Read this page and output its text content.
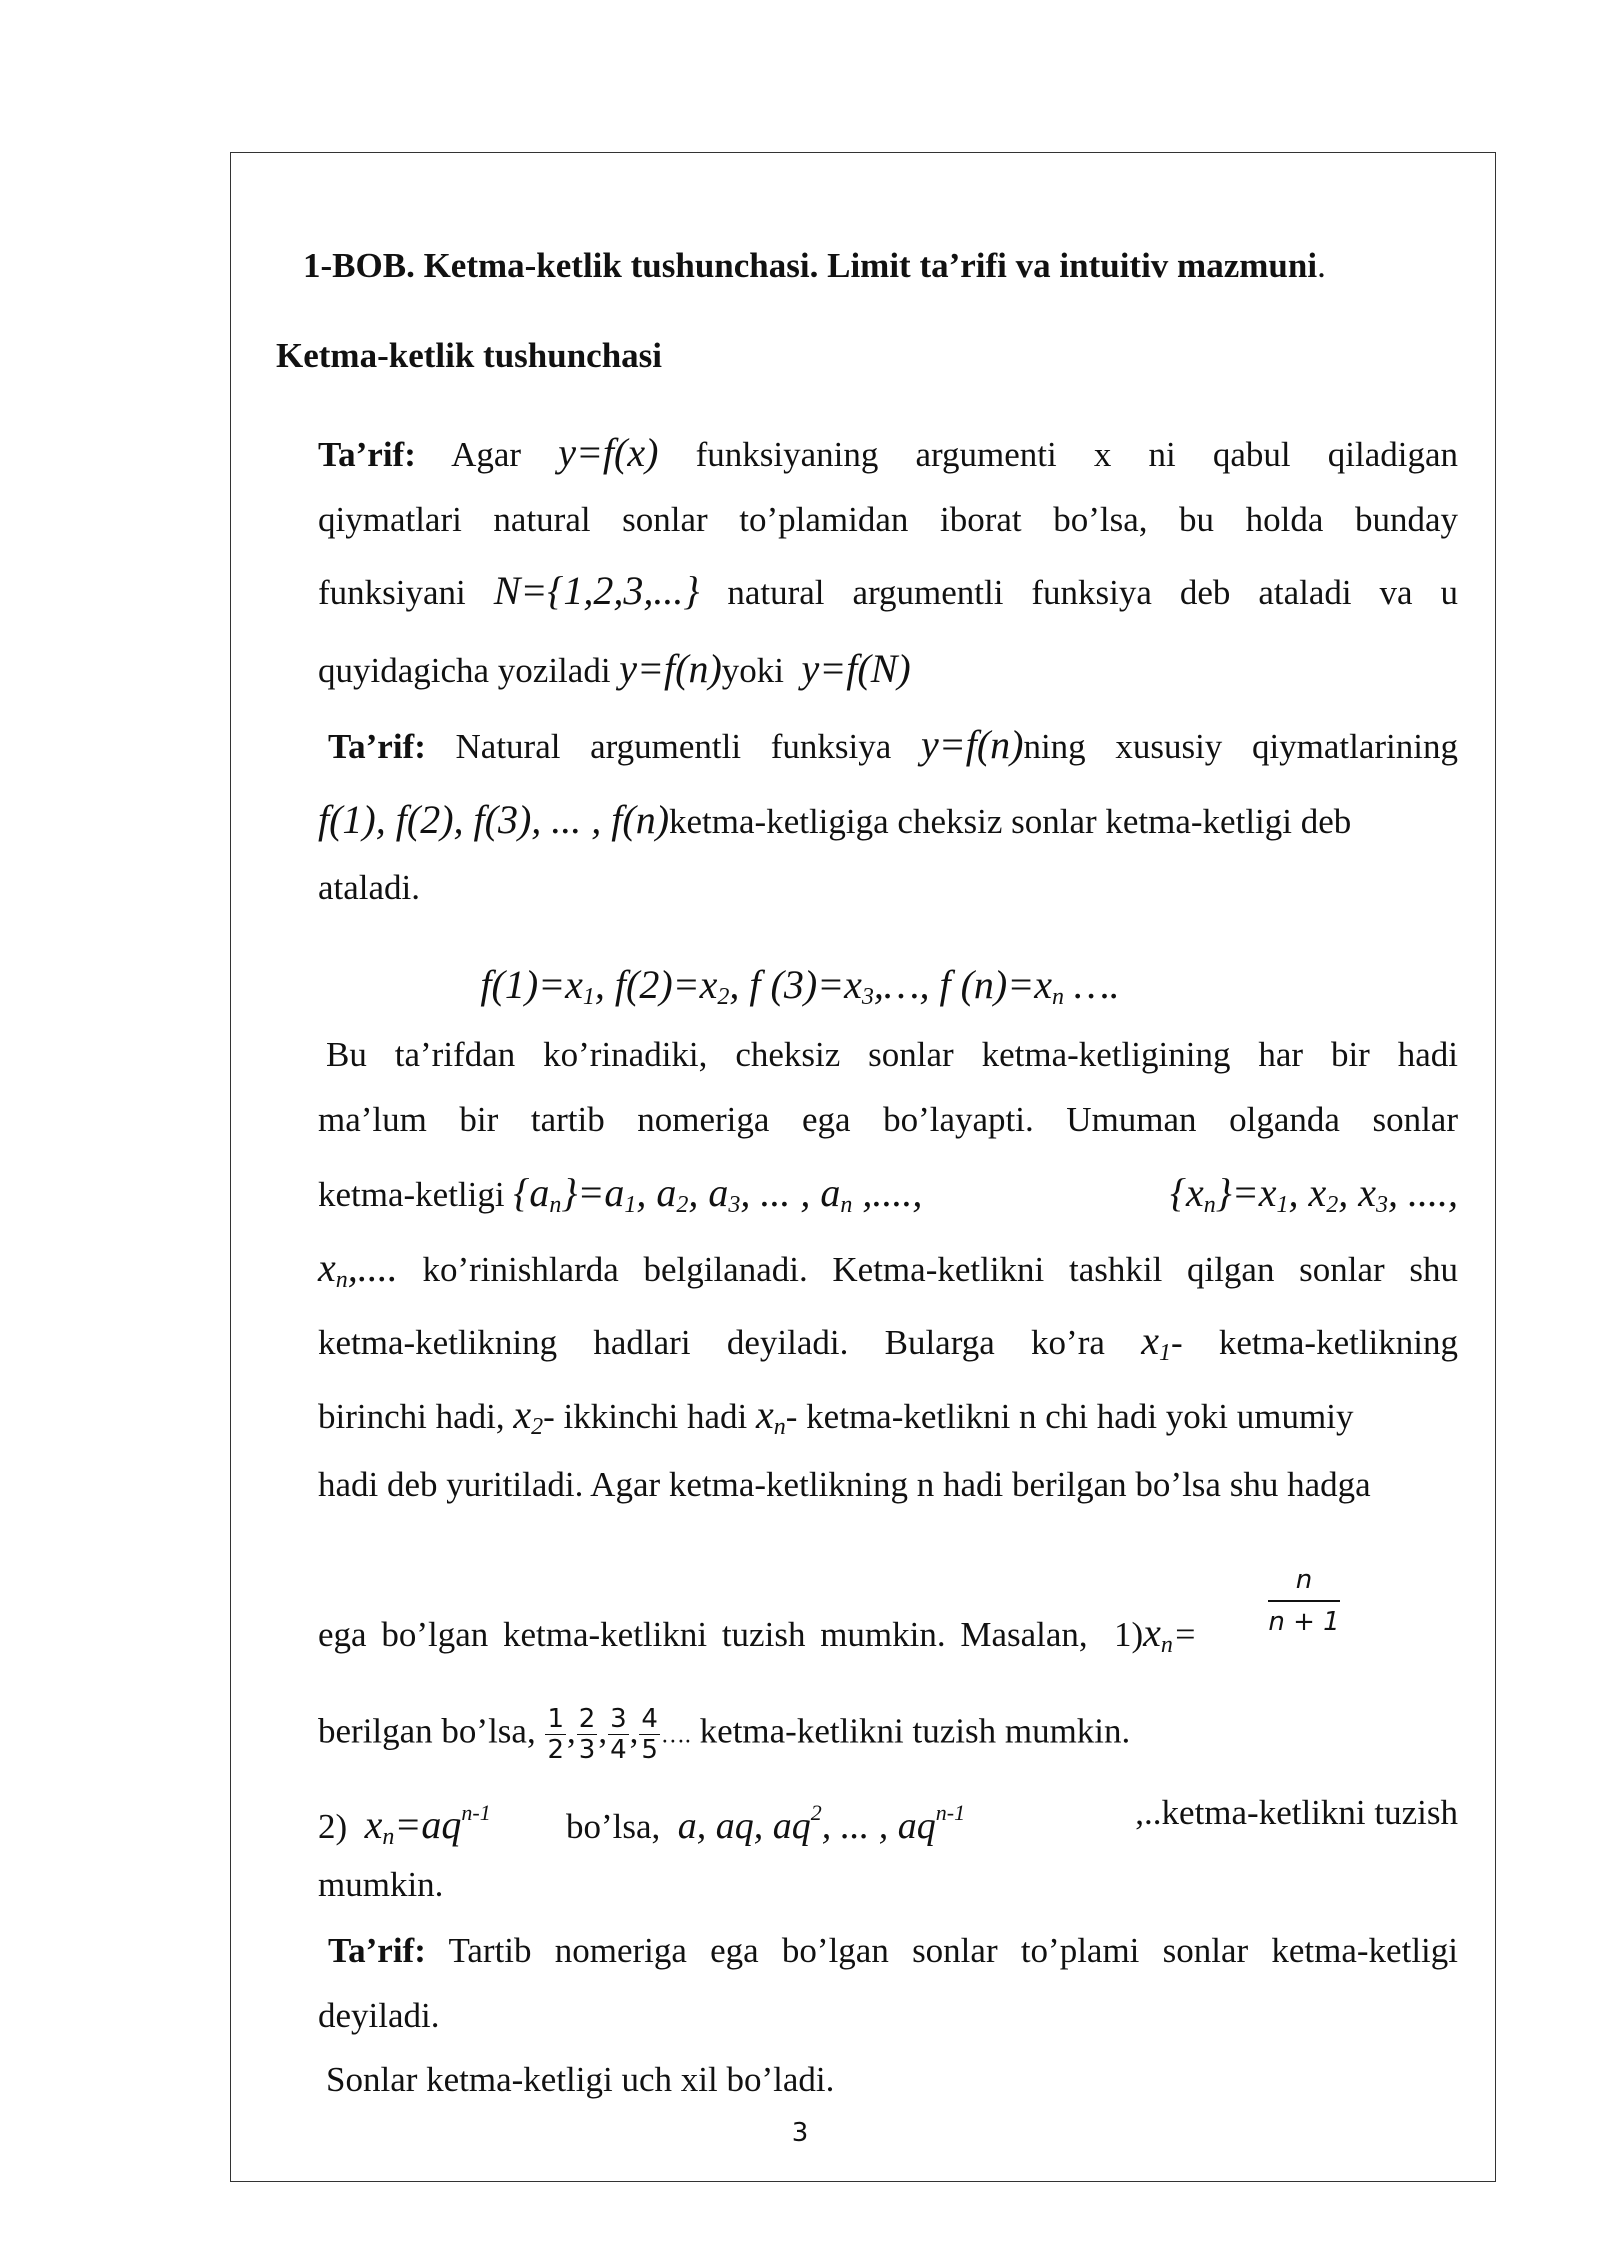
1-BOB. Ketma-ketlik tushunchasi. Limit ta’rifi va intuitiv mazmuni.
Ketma-ketlik tushunchasi
Ta’rif: Agar y=f(x) funksiyaning argumenti x ni qabul qiladigan
qiymatlari natural sonlar to’plamidan iborat bo’lsa, bu holda bunday
funksiyani N={1,2,3,...} natural argumentli funksiya deb ataladi va u
quyidagicha yoziladi y=f(n)yoki y=f(N)
Ta’rif: Natural argumentli funksiya y=f(n)ning xususiy qiymatlarining
f(1), f(2), f(3), ... , f(n)ketma-ketligiga cheksiz sonlar ketma-ketligi deb
ataladi.
$f(1)=x_1$, $f(2)=x_2$, f $(3)=x_3,\dots$, f $(n)=x_n$ ….
Bu ta’rifdan ko’rinadiki, cheksiz sonlar ketma-ketligining har bir hadi
ma’lum bir tartib nomeriga ega bo’layapti. Umuman olganda sonlar
ketma-ketligi $\{a_n\}=a_1$, $a_2$, $a_3$, ... , $a_n$ ,....,	$\{x_n\}=x_1$, $x_2$, $x_3$, ....,
$x_n$,.... ko’rinishlarda belgilanadi. Ketma-ketlikni tashkil qilgan sonlar shu
ketma-ketlikning hadlari deyiladi. Bularga ko’ra $x_1-$ ketma-ketlikning
birinchi hadi, $x_2-$ ikkinchi hadi $x_n-$ ketma-ketlikni n chi hadi yoki umumiy
hadi deb yuritiladi. Agar ketma-ketlikning n hadi berilgan bo’lsa shu hadga
$\frac{n}{n + 1}$
ega bo’lgan ketma-ketlikni tuzish mumkin. Masalan, $1)x_n=$
berilgan bo’lsa, $\frac{1}{2}$ , $\frac{2}{3}$ , $\frac{3}{4}$ , $\frac{4}{5}$ …. ketma-ketlikni tuzish mumkin.
2) $x_n=aq^{n-1}$	bo’lsa, a, aq, $aq^2$, ... , $aq^{n-1}$	,..ketma-ketlikni tuzish
mumkin.
Ta’rif: Tartib nomeriga ega bo’lgan sonlar to’plami sonlar ketma-ketligi
deyiladi.
Sonlar ketma-ketligi uch xil bo’ladi.
3
